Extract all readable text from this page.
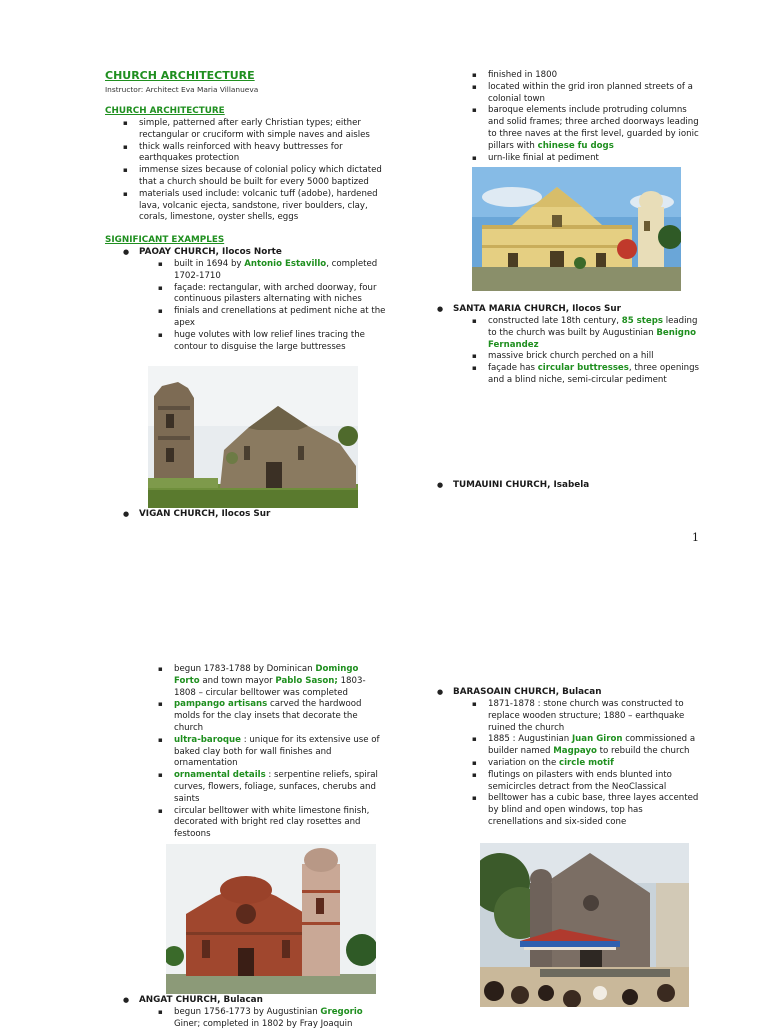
CHURCH ARCHITECTURE
Instructor: Architect Eva Maria Villanueva
CHURCH ARCHITECTURE
▪ simple, patterned after early Christian types; either rectangular or cruciform with simple naves and aisles
▪ thick walls reinforced with heavy buttresses for earthquakes protection
▪ immense sizes because of colonial policy which dictated that a church should be built for every 5000 baptized
▪ materials used include: volcanic tuff (adobe), hardened lava, volcanic ejecta, sandstone, river boulders, clay, corals, limestone, oyster shells, eggs
SIGNIFICANT EXAMPLES
● PAOAY CHURCH, Ilocos Norte
▪ built in 1694 by Antonio Estavillo, completed 1702-1710
▪ façade: rectangular, with arched doorway, four continuous pilasters alternating with niches
▪ finials and crenellations at pediment niche at the apex
▪ huge volutes with low relief lines tracing the contour to disguise the large buttresses
● VIGAN CHURCH, Ilocos Sur
▪ finished in 1800
▪ located within the grid iron planned streets of a colonial town
▪ baroque elements include protruding columns and solid frames; three arched doorways leading to three naves at the first level, guarded by ionic pillars with chinese fu dogs
▪ urn-like finial at pediment
● SANTA MARIA CHURCH, Ilocos Sur
▪ constructed late 18th century, 85 steps leading to the church was built by Augustinian Benigno Fernandez
▪ massive brick church perched on a hill
▪ façade has circular buttresses, three openings and a blind niche, semi-circular pediment
● TUMAUINI CHURCH, Isabela
1
▪ begun 1783-1788 by Dominican Domingo Forto and town mayor Pablo Sason; 1803-1808 – circular belltower was completed
▪ pampango artisans carved the hardwood molds for the clay insets that decorate the church
▪ ultra-baroque : unique for its extensive use of baked clay both for wall finishes and ornamentation
▪ ornamental details : serpentine reliefs, spiral curves, flowers, foliage, sunfaces, cherubs and saints
▪ circular belltower with white limestone finish, decorated with bright red clay rosettes and festoons
● ANGAT CHURCH, Bulacan
▪ begun 1756-1773 by Augustinian Gregorio Giner; completed in 1802 by Fray Joaquin
● BARASOAIN CHURCH, Bulacan
▪ 1871-1878 : stone church was constructed to replace wooden structure; 1880 – earthquake ruined the church
▪ 1885 : Augustinian Juan Giron commissioned a builder named Magpayo to rebuild the church
▪ variation on the circle motif
▪ flutings on pilasters with ends blunted into semicircles detract from the NeoClassical
▪ belltower has a cubic base, three layes accented by blind and open windows, top has crenellations and six-sided cone
